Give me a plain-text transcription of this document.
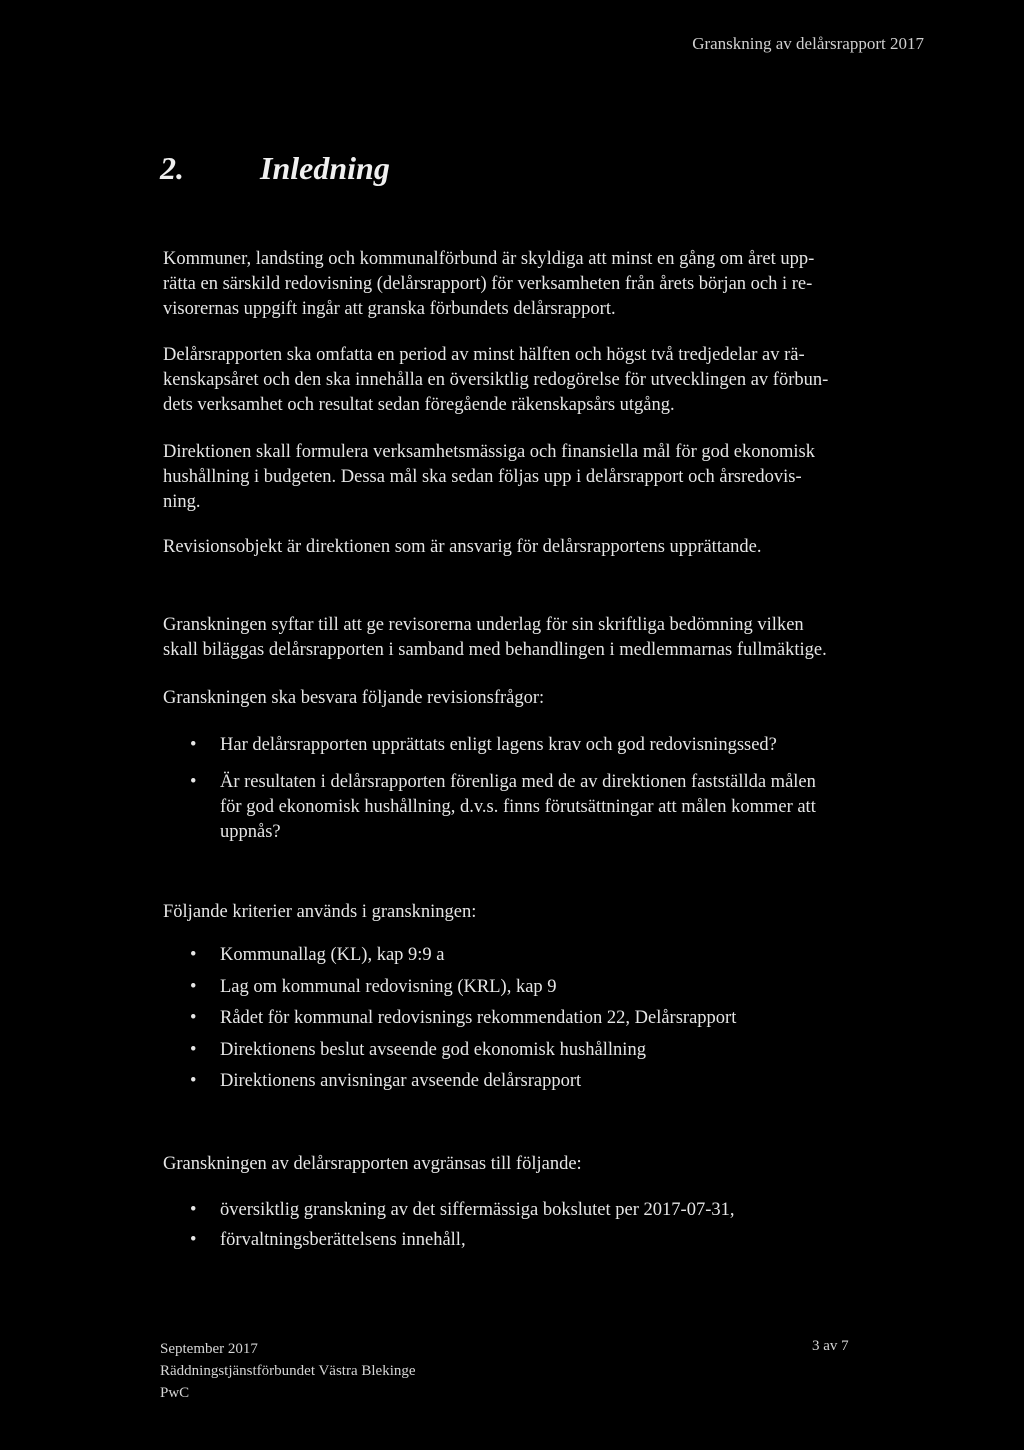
Granskning av delårsrapport 2017
2.	Inledning

Kommuner, landsting och kommunalförbund är skyldiga att minst en gång om året upp-
rätta en särskild redovisning (delårsrapport) för verksamheten från årets början och i re-
visorernas uppgift ingår att granska förbundets delårsrapport.

Delårsrapporten ska omfatta en period av minst hälften och högst två tredjedelar av rä-
kenskapsåret och den ska innehålla en översiktlig redogörelse för utvecklingen av förbun-
dets verksamhet och resultat sedan föregående räkenskapsårs utgång.

Direktionen skall formulera verksamhetsmässiga och finansiella mål för god ekonomisk
hushållning i budgeten. Dessa mål ska sedan följas upp i delårsrapport och årsredovis-
ning.

Revisionsobjekt är direktionen som är ansvarig för delårsrapportens upprättande.

Granskningen syftar till att ge revisorerna underlag för sin skriftliga bedömning vilken
skall biläggas delårsrapporten i samband med behandlingen i medlemmarnas fullmäktige.

Granskningen ska besvara följande revisionsfrågor:

• Har delårsrapporten upprättats enligt lagens krav och god redovisningssed?
• Är resultaten i delårsrapporten förenliga med de av direktionen fastställda målen
för god ekonomisk hushållning, d.v.s. finns förutsättningar att målen kommer att
uppnås?

Följande kriterier används i granskningen:

• Kommunallag (KL), kap 9:9 a
• Lag om kommunal redovisning (KRL), kap 9
• Rådet för kommunal redovisnings rekommendation 22, Delårsrapport
• Direktionens beslut avseende god ekonomisk hushållning
• Direktionens anvisningar avseende delårsrapport

Granskningen av delårsrapporten avgränsas till följande:

• översiktlig granskning av det siffermässiga bokslutet per 2017-07-31,
• förvaltningsberättelsens innehåll,
September 2017
Räddningstjänstförbundet Västra Blekinge
PwC
3 av 7
